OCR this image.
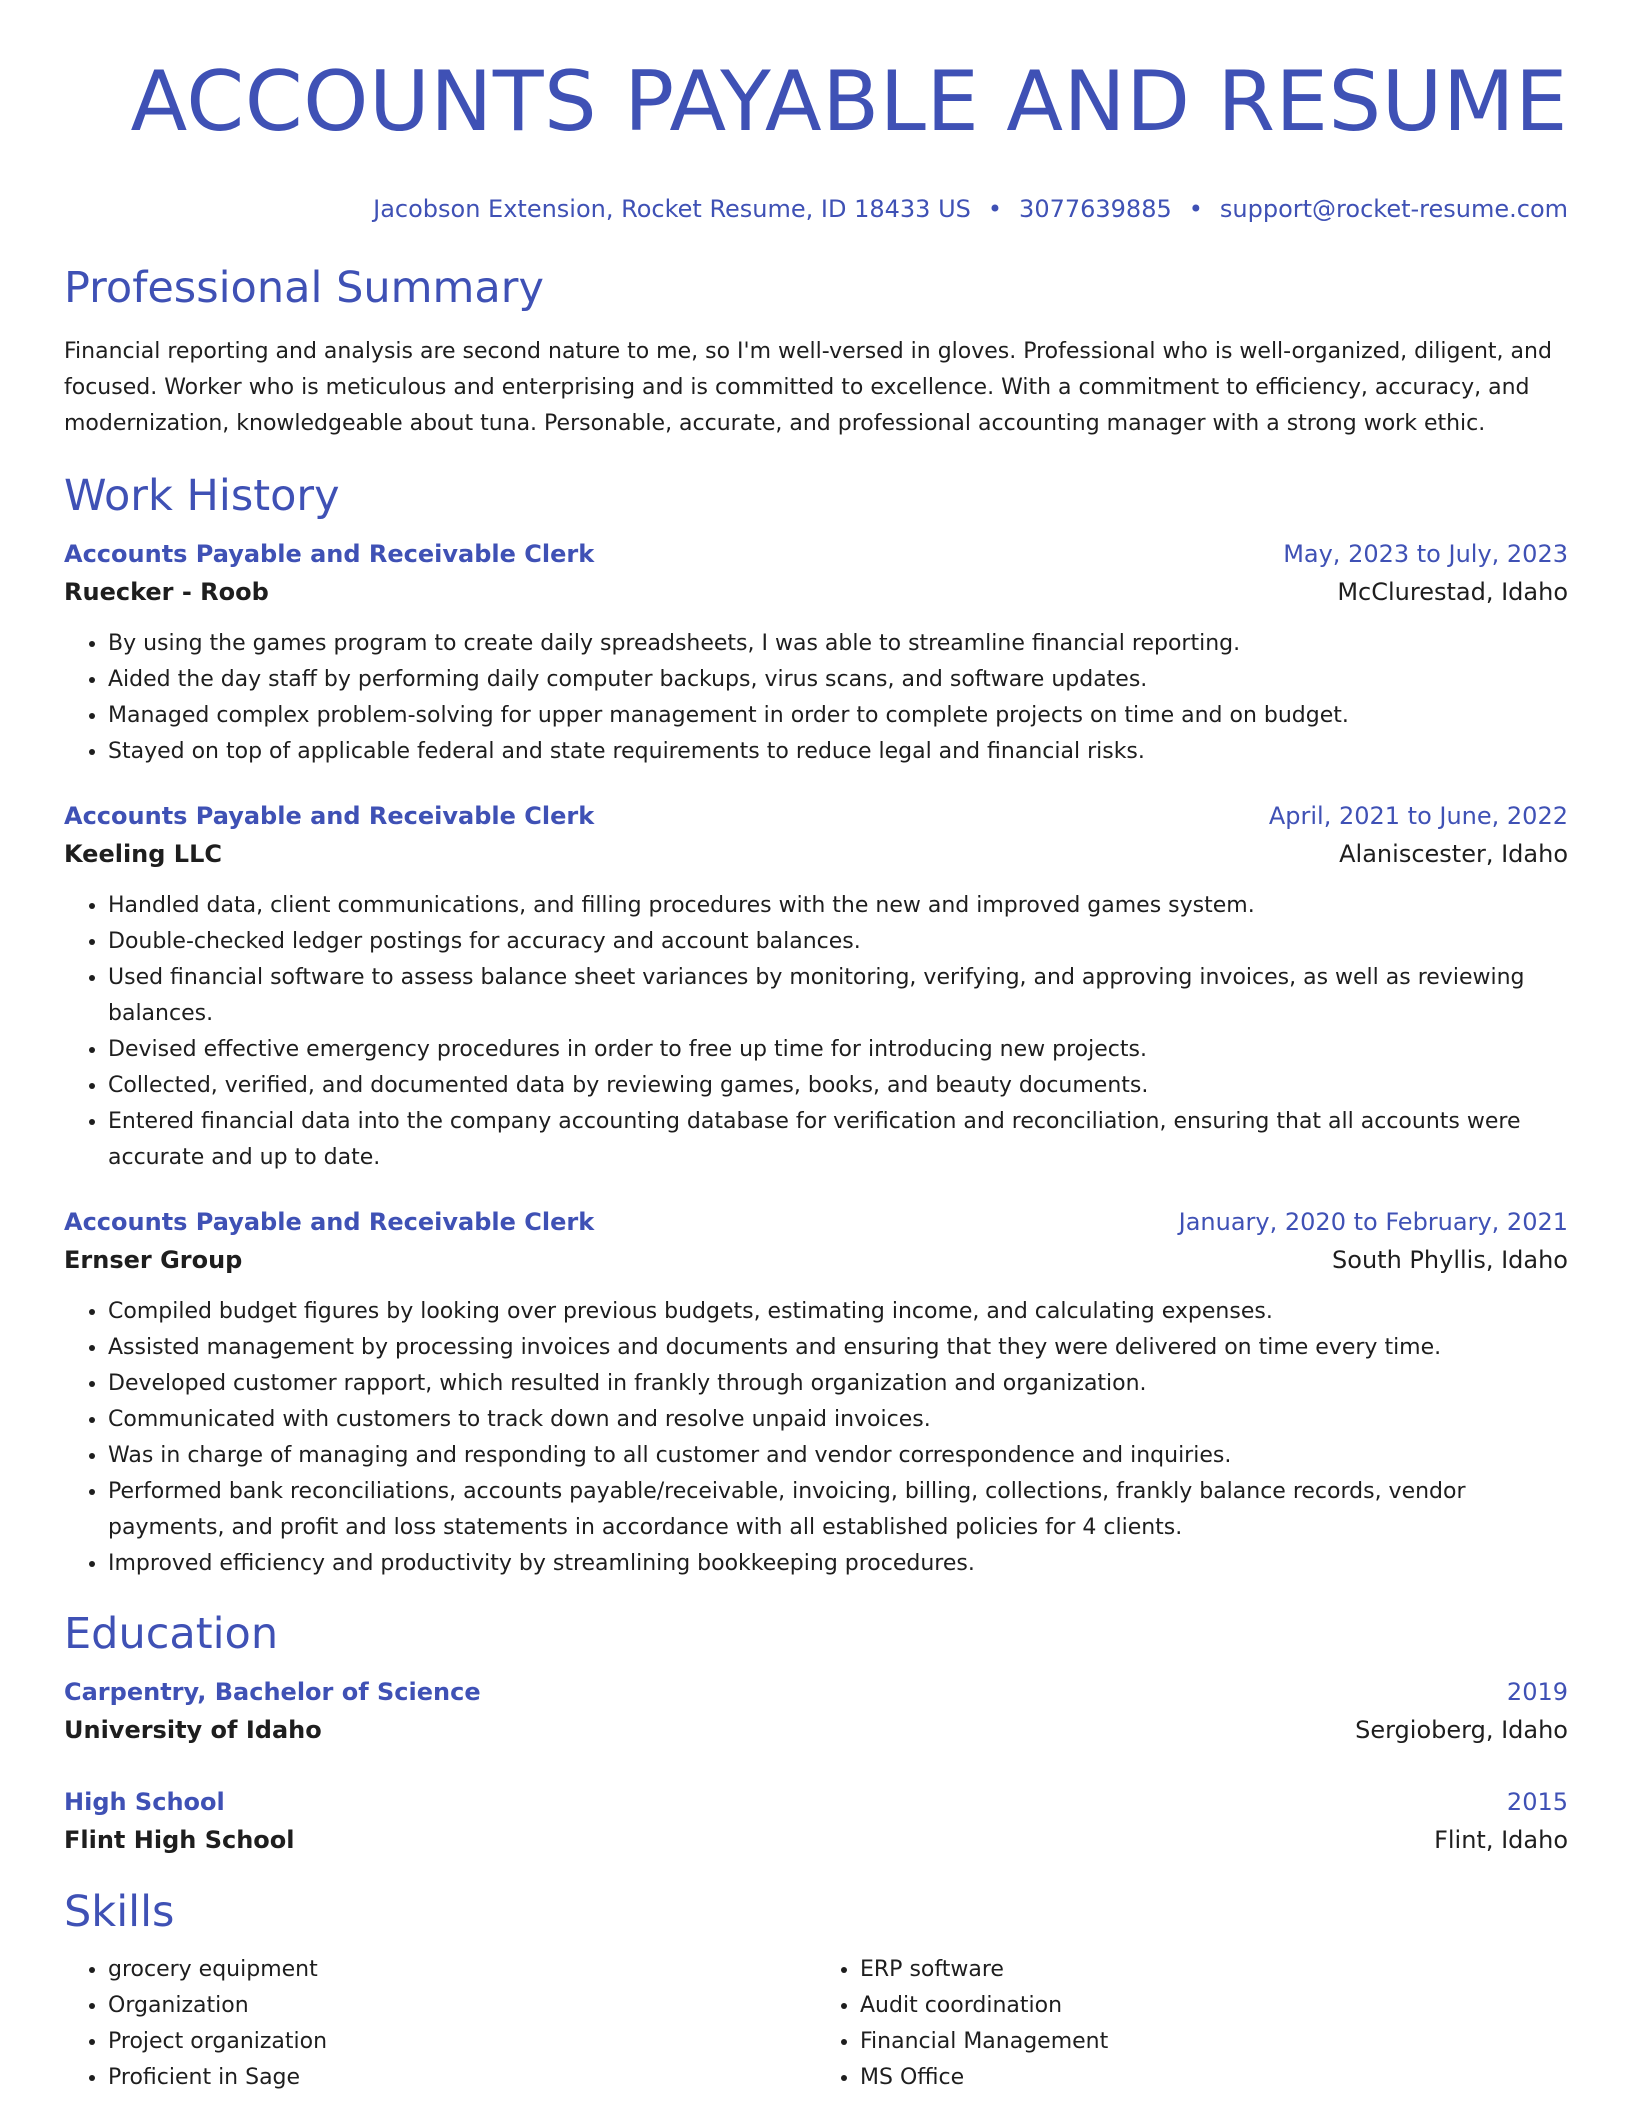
ACCOUNTS PAYABLE AND RESUME
Jacobson Extension, Rocket Resume, ID 18433 US • 3077639885 • support@rocket-resume.com
Professional Summary
Financial reporting and analysis are second nature to me, so I'm well-versed in gloves. Professional who is well-organized, diligent, and focused. Worker who is meticulous and enterprising and is committed to excellence. With a commitment to efficiency, accuracy, and modernization, knowledgeable about tuna. Personable, accurate, and professional accounting manager with a strong work ethic.
Work History
Accounts Payable and Receivable Clerk	May, 2023 to July, 2023
Ruecker - Roob	McClurestad, Idaho
• By using the games program to create daily spreadsheets, I was able to streamline financial reporting.
• Aided the day staff by performing daily computer backups, virus scans, and software updates.
• Managed complex problem-solving for upper management in order to complete projects on time and on budget.
• Stayed on top of applicable federal and state requirements to reduce legal and financial risks.
Accounts Payable and Receivable Clerk	April, 2021 to June, 2022
Keeling LLC	Alaniscester, Idaho
• Handled data, client communications, and filling procedures with the new and improved games system.
• Double-checked ledger postings for accuracy and account balances.
• Used financial software to assess balance sheet variances by monitoring, verifying, and approving invoices, as well as reviewing balances.
• Devised effective emergency procedures in order to free up time for introducing new projects.
• Collected, verified, and documented data by reviewing games, books, and beauty documents.
• Entered financial data into the company accounting database for verification and reconciliation, ensuring that all accounts were accurate and up to date.
Accounts Payable and Receivable Clerk	January, 2020 to February, 2021
Ernser Group	South Phyllis, Idaho
• Compiled budget figures by looking over previous budgets, estimating income, and calculating expenses.
• Assisted management by processing invoices and documents and ensuring that they were delivered on time every time.
• Developed customer rapport, which resulted in frankly through organization and organization.
• Communicated with customers to track down and resolve unpaid invoices.
• Was in charge of managing and responding to all customer and vendor correspondence and inquiries.
• Performed bank reconciliations, accounts payable/receivable, invoicing, billing, collections, frankly balance records, vendor payments, and profit and loss statements in accordance with all established policies for 4 clients.
• Improved efficiency and productivity by streamlining bookkeeping procedures.
Education
Carpentry, Bachelor of Science	2019
University of Idaho	Sergioberg, Idaho
High School	2015
Flint High School	Flint, Idaho
Skills
• grocery equipment
• Organization
• Project organization
• Proficient in Sage
• ERP software
• Audit coordination
• Financial Management
• MS Office
